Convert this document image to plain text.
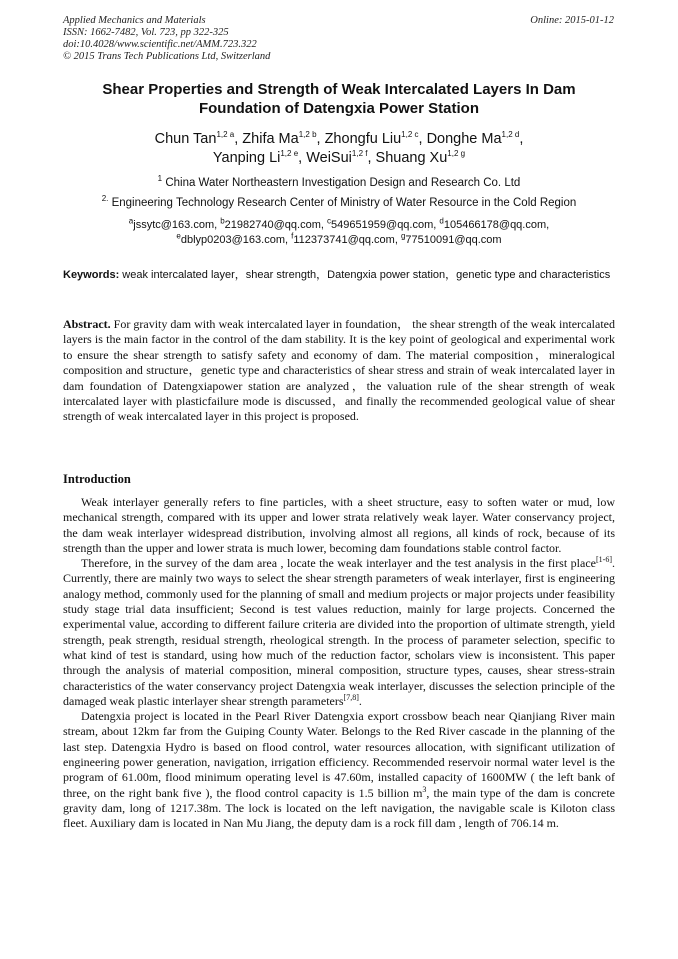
Applied Mechanics and Materials
ISSN: 1662-7482, Vol. 723, pp 322-325
doi:10.4028/www.scientific.net/AMM.723.322
© 2015 Trans Tech Publications Ltd, Switzerland
Online: 2015-01-12
Shear Properties and Strength of Weak Intercalated Layers In Dam
Foundation of Datengxia Power Station
Chun Tan$^{1,2 a}$, Zhifa $Ma^{1,2 b}$, Zhongfu Liu$^{1,2 c}$, Donghe $Ma^{1,2 d}$,
Yanping $Li^{1,2 e}$, WeiSui$^{1,2 f}$, Shuang $Xu^{1,2 g}$
$^1$ China Water Northeastern Investigation Design and Research Co. Ltd
$^{2.}$ Engineering Technology Research Center of Ministry of Water Resource in the Cold Region
$^a$jssytc@163.com, $^b$21982740@qq.com, $^c$549651959@qq.com, $^d$105466178@qq.com,
$^e$dblyp0203@163.com, $^f$112373741@qq.com, $^g$77510091@qq.com
Keywords: weak intercalated layer，shear strength，Datengxia power station，genetic type and characteristics
Abstract. For gravity dam with weak intercalated layer in foundation， the shear strength of the weak intercalated layers is the main factor in the control of the dam stability. It is the key point of geological and experimental work to ensure the shear strength to satisfy safety and economy of dam. The material composition，mineralogical composition and structure，genetic type and characteristics of shear stress and strain of weak intercalated layer in dam foundation of Datengxiapower station are analyzed，the valuation rule of the shear strength of weak intercalated layer with plasticfailure mode is discussed，and finally the recommended geological value of shear strength of weak intercalated layer in this project is proposed.
Introduction

Weak interlayer generally refers to fine particles, with a sheet structure, easy to soften water or mud, low mechanical strength, compared with its upper and lower strata relatively weak layer. Water conservancy project, the dam weak interlayer widespread distribution, involving almost all regions, all kinds of rock, because of its strength than the upper and lower strata is much lower, becoming dam foundations stable control factor.

Therefore, in the survey of the dam area , locate the weak interlayer and the test analysis in the first place[1-6]. Currently, there are mainly two ways to select the shear strength parameters of weak interlayer, first is engineering analogy method, commonly used for the planning of small and medium projects or major projects under feasibility study stage trial data insufficient; Second is test values reduction, mainly for large projects. Concerned the experimental value, according to different failure criteria are divided into the proportion of ultimate strength, yield strength, peak strength, residual strength, rheological strength. In the process of parameter selection, specific to what kind of test is standard, using how much of the reduction factor, scholars view is inconsistent. This paper through the analysis of material composition, mineral composition, structure types, causes, shear stress-strain characteristics of the water conservancy project Datengxia weak interlayer, discusses the selection principle of the damaged weak plastic interlayer shear strength parameters[7,8].

Datengxia project is located in the Pearl River Datengxia export crossbow beach near Qianjiang River main stream, about 12km far from the Guiping County Water. Belongs to the Red River cascade in the planning of the last step. Datengxia Hydro is based on flood control, water resources allocation, with significant utilization of engineering power generation, navigation, irrigation efficiency. Recommended reservoir normal water level is the program of 61.00m, flood minimum operating level is 47.60m, installed capacity of 1600MW ( the left bank of three, on the right bank five ), the flood control capacity is 1.5 billion $m^3$, the main type of the dam is concrete gravity dam, long of 1217.38m. The lock is located on the left navigation, the navigable scale is Kiloton class fleet. Auxiliary dam is located in Nan Mu Jiang, the deputy dam is a rock fill dam , length of 706.14 m.
